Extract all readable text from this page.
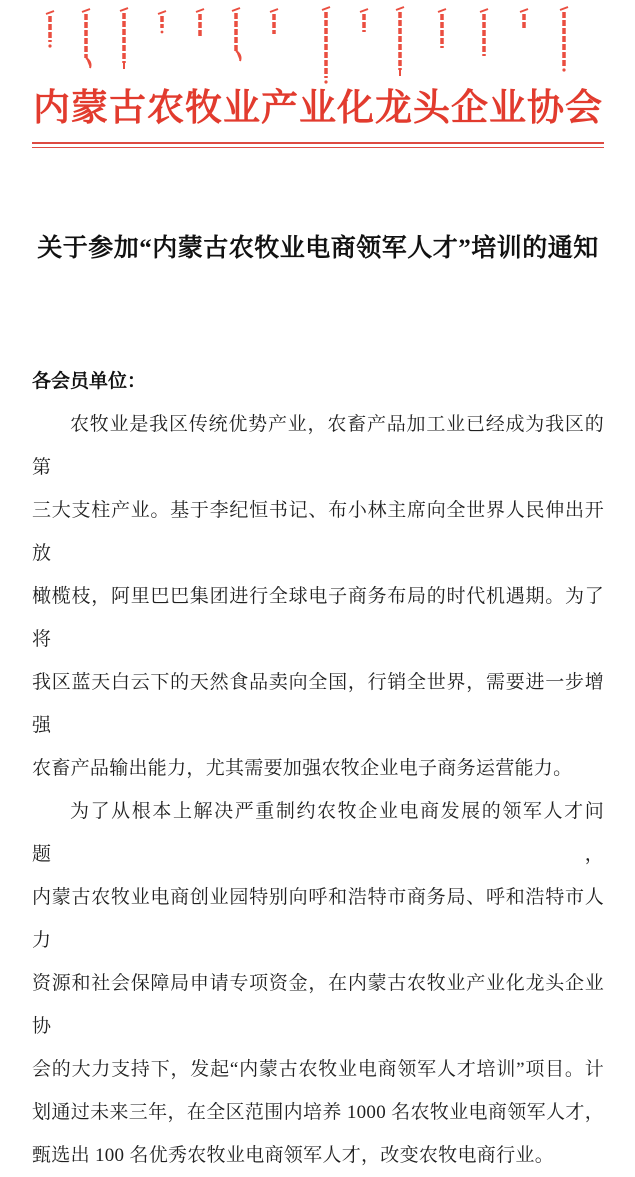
内蒙古农牧业产业化龙头企业协会
关于参加“内蒙古农牧业电商领军人才”培训的通知

各会员单位：

农牧业是我区传统优势产业，农畜产品加工业已经成为我区的第
三大支柱产业。基于李纪恒书记、布小林主席向全世界人民伸出开放
橄榄枝，阿里巴巴集团进行全球电子商务布局的时代机遇期。为了将
我区蓝天白云下的天然食品卖向全国，行销全世界，需要进一步增强
农畜产品输出能力，尤其需要加强农牧企业电子商务运营能力。
为了从根本上解决严重制约农牧企业电商发展的领军人才问题，
内蒙古农牧业电商创业园特别向呼和浩特市商务局、呼和浩特市人力
资源和社会保障局申请专项资金，在内蒙古农牧业产业化龙头企业协
会的大力支持下，发起“内蒙古农牧业电商领军人才培训”项目。计
划通过未来三年，在全区范围内培养 1000 名农牧业电商领军人才，
甄选出 100 名优秀农牧业电商领军人才，改变农牧电商行业。
